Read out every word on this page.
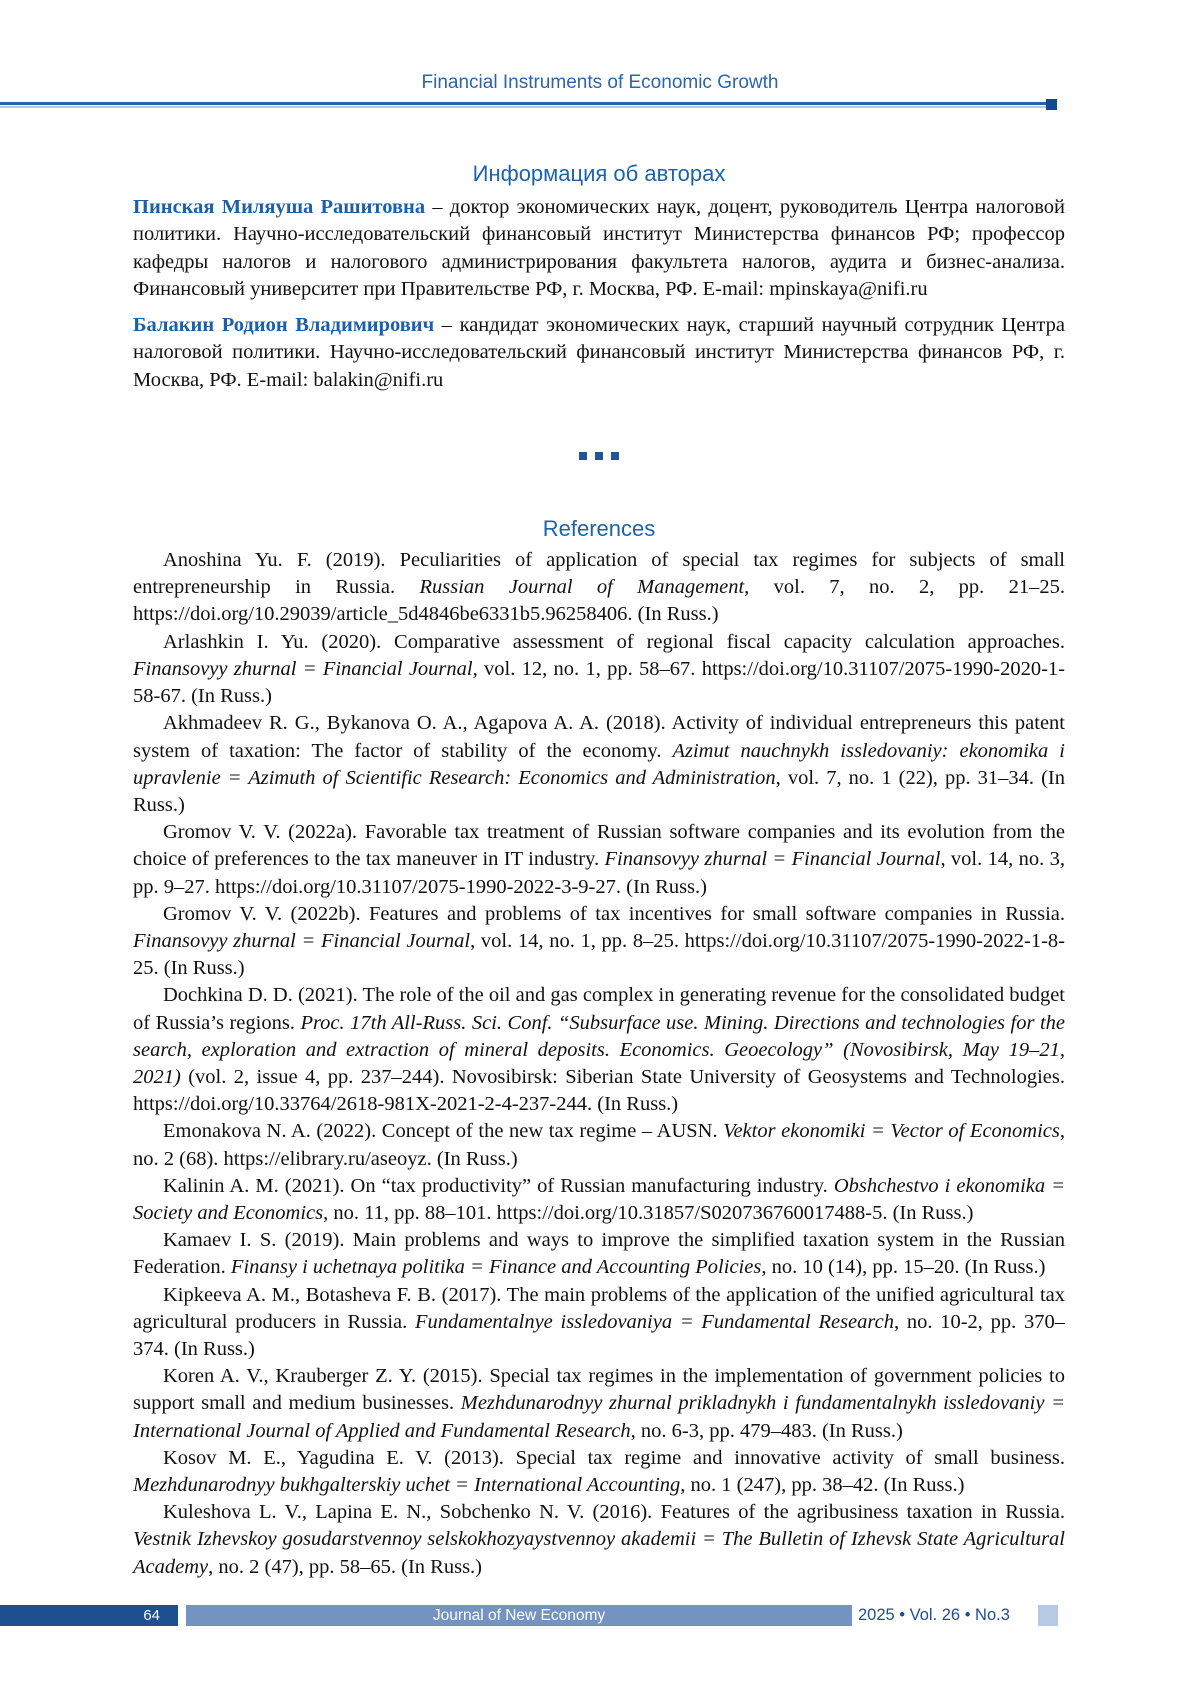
Financial Instruments of Economic Growth
Информация об авторах

Пинская Миляуша Рашитовна – доктор экономических наук, доцент, руководитель Центра налоговой политики. Научно-исследовательский финансовый институт Министерства финансов РФ; профессор кафедры налогов и налогового администрирования факультета налогов, аудита и бизнес-анализа. Финансовый университет при Правительстве РФ, г. Москва, РФ. E-mail: mpinskaya@nifi.ru

Балакин Родион Владимирович – кандидат экономических наук, старший научный сотрудник Центра налоговой политики. Научно-исследовательский финансовый институт Министерства финансов РФ, г. Москва, РФ. E-mail: balakin@nifi.ru

References

Anoshina Yu. F. (2019). Peculiarities of application of special tax regimes for subjects of small entrepreneurship in Russia. Russian Journal of Management, vol. 7, no. 2, pp. 21–25. https://doi.org/10.29039/article_5d4846be6331b5.96258406. (In Russ.)

Arlashkin I. Yu. (2020). Comparative assessment of regional fiscal capacity calculation approaches. Finansovyy zhurnal = Financial Journal, vol. 12, no. 1, pp. 58–67. https://doi.org/10.31107/2075-1990-2020-1-58-67. (In Russ.)

Akhmadeev R. G., Bykanova O. A., Agapova A. A. (2018). Activity of individual entrepreneurs this patent system of taxation: The factor of stability of the economy. Azimut nauchnykh issledovaniy: ekonomika i upravlenie = Azimuth of Scientific Research: Economics and Administration, vol. 7, no. 1 (22), pp. 31–34. (In Russ.)

Gromov V. V. (2022a). Favorable tax treatment of Russian software companies and its evolution from the choice of preferences to the tax maneuver in IT industry. Finansovyy zhurnal = Financial Journal, vol. 14, no. 3, pp. 9–27. https://doi.org/10.31107/2075-1990-2022-3-9-27. (In Russ.)

Gromov V. V. (2022b). Features and problems of tax incentives for small software companies in Russia. Finansovyy zhurnal = Financial Journal, vol. 14, no. 1, pp. 8–25. https://doi.org/10.31107/2075-1990-2022-1-8-25. (In Russ.)

Dochkina D. D. (2021). The role of the oil and gas complex in generating revenue for the consolidated budget of Russia’s regions. Proc. 17th All-Russ. Sci. Conf. “Subsurface use. Mining. Directions and technologies for the search, exploration and extraction of mineral deposits. Economics. Geoecology” (Novosibirsk, May 19–21, 2021) (vol. 2, issue 4, pp. 237–244). Novosibirsk: Siberian State University of Geosystems and Technologies. https://doi.org/10.33764/2618-981X-2021-2-4-237-244. (In Russ.)

Emonakova N. A. (2022). Concept of the new tax regime – AUSN. Vektor ekonomiki = Vector of Economics, no. 2 (68). https://elibrary.ru/aseoyz. (In Russ.)

Kalinin A. M. (2021). On “tax productivity” of Russian manufacturing industry. Obshchestvo i ekonomika = Society and Economics, no. 11, pp. 88–101. https://doi.org/10.31857/S020736760017488-5. (In Russ.)

Kamaev I. S. (2019). Main problems and ways to improve the simplified taxation system in the Russian Federation. Finansy i uchetnaya politika = Finance and Accounting Policies, no. 10 (14), pp. 15–20. (In Russ.)

Kipkeeva A. M., Botasheva F. B. (2017). The main problems of the application of the unified agricultural tax agricultural producers in Russia. Fundamentalnye issledovaniya = Fundamental Research, no. 10-2, pp. 370–374. (In Russ.)

Koren A. V., Krauberger Z. Y. (2015). Special tax regimes in the implementation of government policies to support small and medium businesses. Mezhdunarodnyy zhurnal prikladnykh i fundamentalnykh issledovaniy = International Journal of Applied and Fundamental Research, no. 6-3, pp. 479–483. (In Russ.)

Kosov M. E., Yagudina E. V. (2013). Special tax regime and innovative activity of small business. Mezhdunarodnyy bukhgalterskiy uchet = International Accounting, no. 1 (247), pp. 38–42. (In Russ.)

Kuleshova L. V., Lapina E. N., Sobchenko N. V. (2016). Features of the agribusiness taxation in Russia. Vestnik Izhevskoy gosudarstvennoy selskokhozyaystvennoy akademii = The Bulletin of Izhevsk State Agricultural Academy, no. 2 (47), pp. 58–65. (In Russ.)

64	Journal of New Economy	2025 • Vol. 26 • No.3
